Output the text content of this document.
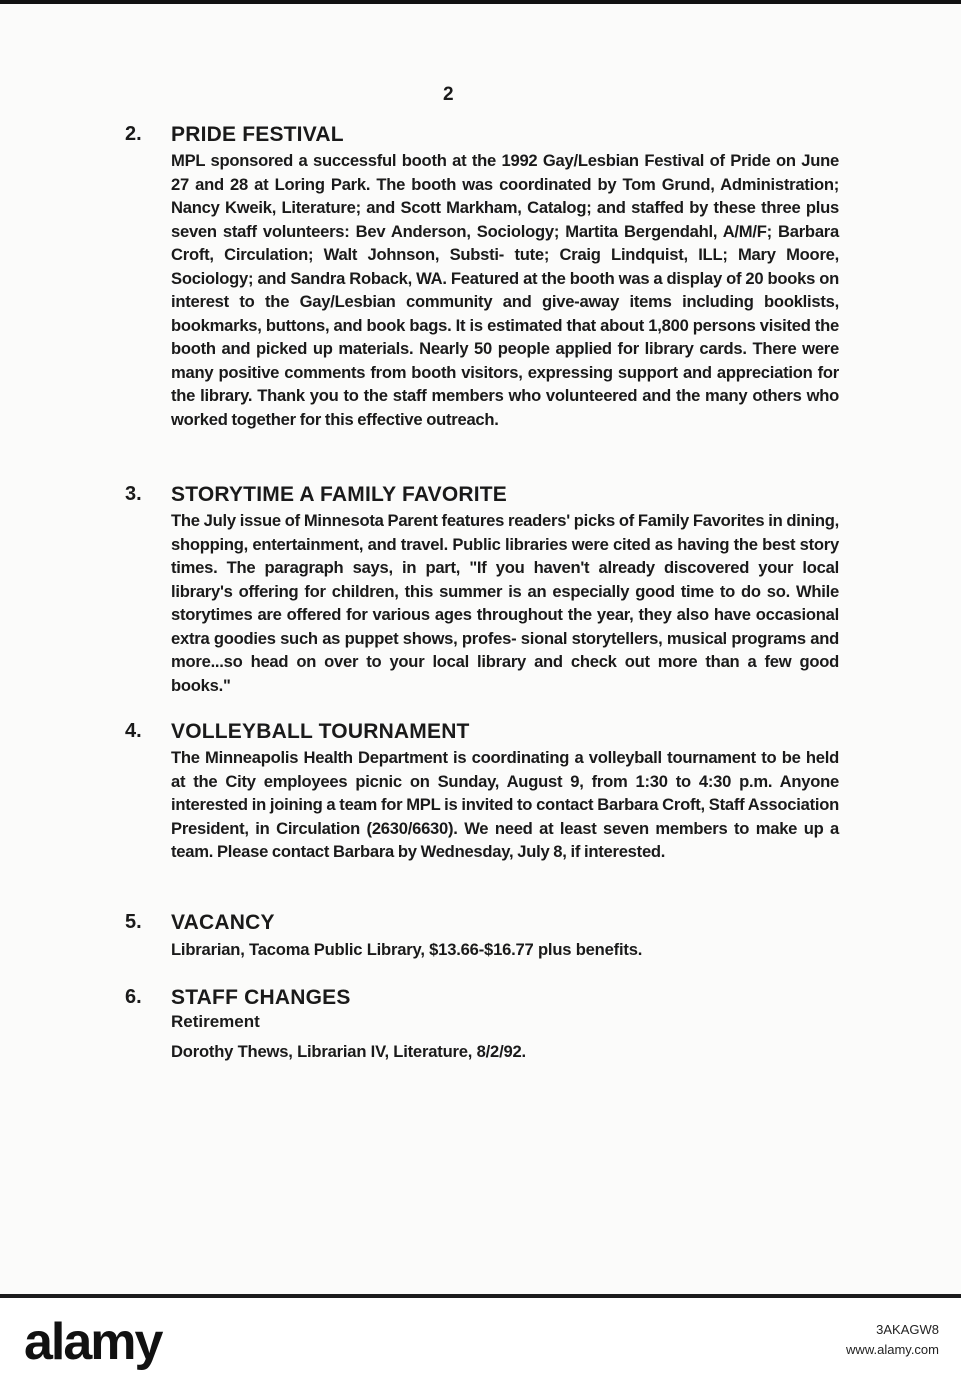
2
2. PRIDE FESTIVAL
MPL sponsored a successful booth at the 1992 Gay/Lesbian Festival of Pride on June 27 and 28 at Loring Park. The booth was coordinated by Tom Grund, Administration; Nancy Kweik, Literature; and Scott Markham, Catalog; and staffed by these three plus seven staff volunteers: Bev Anderson, Sociology; Martita Bergendahl, A/M/F; Barbara Croft, Circulation; Walt Johnson, Substi- tute; Craig Lindquist, ILL; Mary Moore, Sociology; and Sandra Roback, WA. Featured at the booth was a display of 20 books on interest to the Gay/Lesbian community and give-away items including booklists, bookmarks, buttons, and book bags. It is estimated that about 1,800 persons visited the booth and picked up materials. Nearly 50 people applied for library cards. There were many positive comments from booth visitors, expressing support and appreciation for the library. Thank you to the staff members who volunteered and the many others who worked together for this effective outreach.
3. STORYTIME A FAMILY FAVORITE
The July issue of Minnesota Parent features readers' picks of Family Favorites in dining, shopping, entertainment, and travel. Public libraries were cited as having the best story times. The paragraph says, in part, "If you haven't already discovered your local library's offering for children, this summer is an especially good time to do so. While storytimes are offered for various ages throughout the year, they also have occasional extra goodies such as puppet shows, profes- sional storytellers, musical programs and more...so head on over to your local library and check out more than a few good books."
4. VOLLEYBALL TOURNAMENT
The Minneapolis Health Department is coordinating a volleyball tournament to be held at the City employees picnic on Sunday, August 9, from 1:30 to 4:30 p.m. Anyone interested in joining a team for MPL is invited to contact Barbara Croft, Staff Association President, in Circulation (2630/6630). We need at least seven members to make up a team. Please contact Barbara by Wednesday, July 8, if interested.
5. VACANCY
Librarian, Tacoma Public Library, $13.66-$16.77 plus benefits.
6. STAFF CHANGES
Retirement
Dorothy Thews, Librarian IV, Literature, 8/2/92.
alamy	3AKAGW8
www.alamy.com
